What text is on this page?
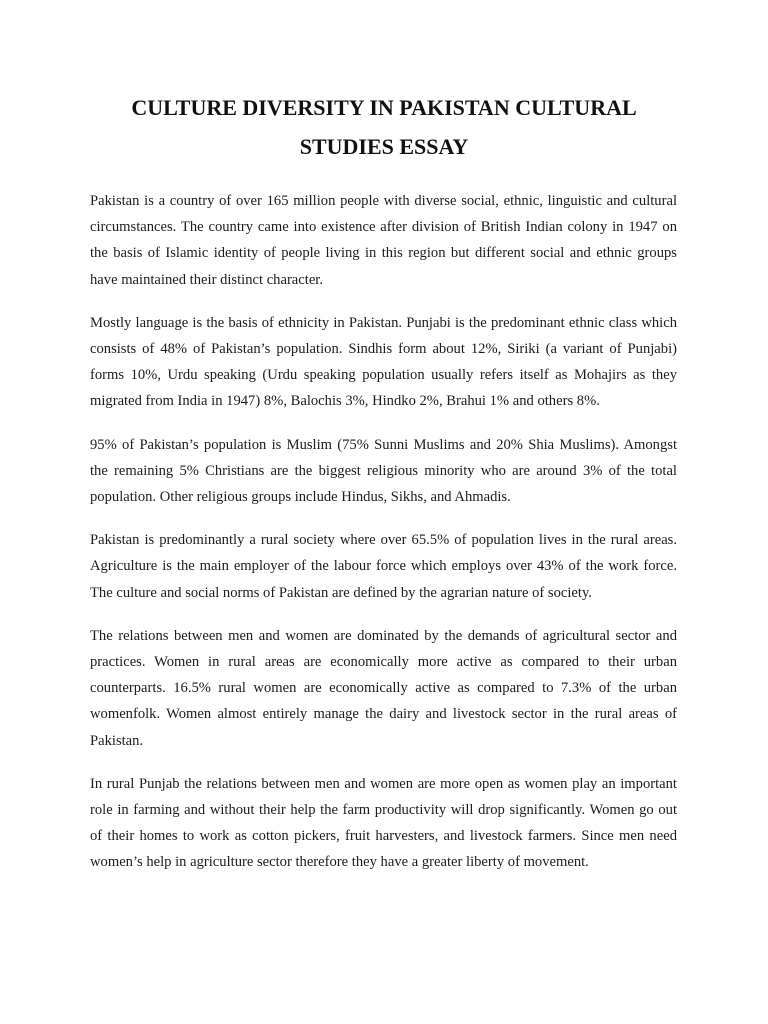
CULTURE DIVERSITY IN PAKISTAN CULTURAL
STUDIES ESSAY

Pakistan is a country of over 165 million people with diverse social, ethnic, linguistic and cultural circumstances. The country came into existence after division of British Indian colony in 1947 on the basis of Islamic identity of people living in this region but different social and ethnic groups have maintained their distinct character.

Mostly language is the basis of ethnicity in Pakistan. Punjabi is the predominant ethnic class which consists of 48% of Pakistan’s population. Sindhis form about 12%, Siriki (a variant of Punjabi) forms 10%, Urdu speaking (Urdu speaking population usually refers itself as Mohajirs as they migrated from India in 1947) 8%, Balochis 3%, Hindko 2%, Brahui 1% and others 8%.

95% of Pakistan’s population is Muslim (75% Sunni Muslims and 20% Shia Muslims). Amongst the remaining 5% Christians are the biggest religious minority who are around 3% of the total population. Other religious groups include Hindus, Sikhs, and Ahmadis.

Pakistan is predominantly a rural society where over 65.5% of population lives in the rural areas. Agriculture is the main employer of the labour force which employs over 43% of the work force. The culture and social norms of Pakistan are defined by the agrarian nature of society.

The relations between men and women are dominated by the demands of agricultural sector and practices. Women in rural areas are economically more active as compared to their urban counterparts. 16.5% rural women are economically active as compared to 7.3% of the urban womenfolk. Women almost entirely manage the dairy and livestock sector in the rural areas of Pakistan.

In rural Punjab the relations between men and women are more open as women play an important role in farming and without their help the farm productivity will drop significantly. Women go out of their homes to work as cotton pickers, fruit harvesters, and livestock farmers. Since men need women’s help in agriculture sector therefore they have a greater liberty of movement.
